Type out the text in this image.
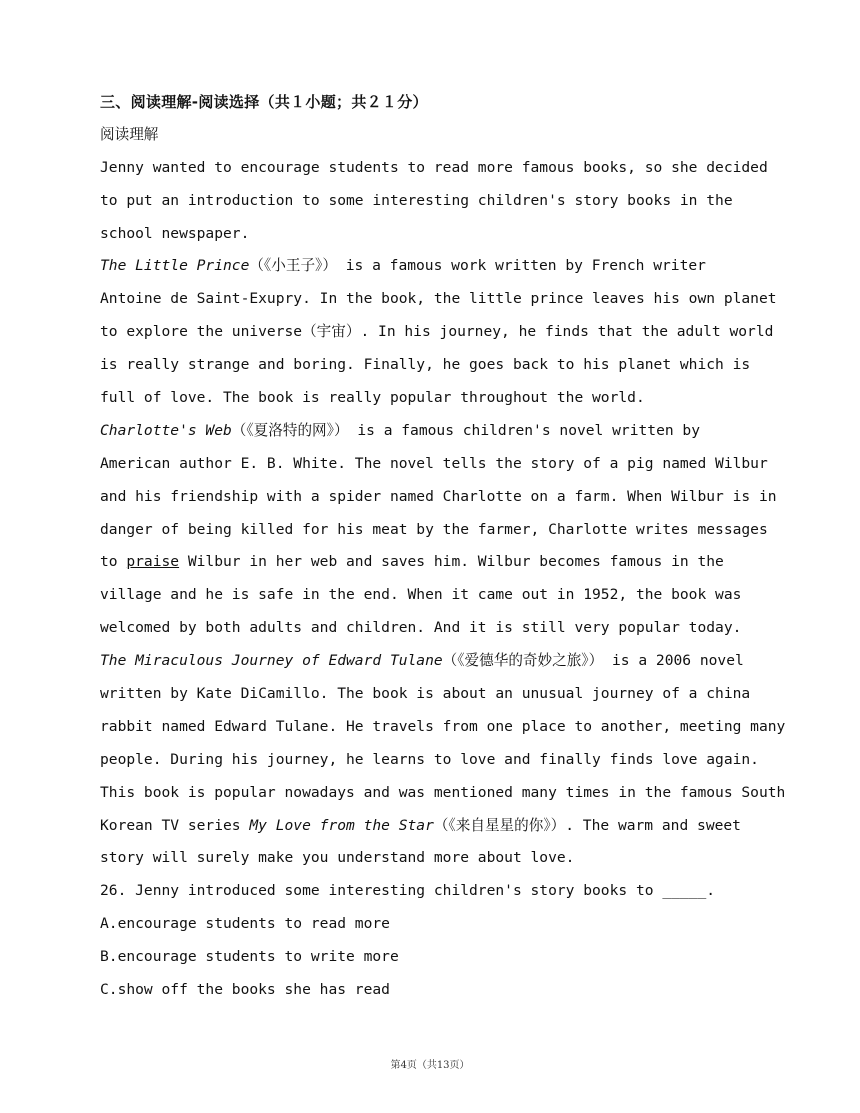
三、阅读理解-阅读选择（共１小题；共２１分）
阅读理解
Jenny wanted to encourage students to read more famous books, so she decided
to put an introduction to some interesting children's story books in the
school newspaper.
The Little Prince（《小王子》） is a famous work written by French writer
Antoine de Saint-Exupry. In the book, the little prince leaves his own planet
to explore the universe（宇宙）. In his journey, he finds that the adult world
is really strange and boring. Finally, he goes back to his planet which is
full of love. The book is really popular throughout the world.
Charlotte's Web（《夏洛特的网》） is a famous children's novel written by
American author E. B. White. The novel tells the story of a pig named Wilbur
and his friendship with a spider named Charlotte on a farm. When Wilbur is in
danger of being killed for his meat by the farmer, Charlotte writes messages
to praise Wilbur in her web and saves him. Wilbur becomes famous in the
village and he is safe in the end. When it came out in 1952, the book was
welcomed by both adults and children. And it is still very popular today.
The Miraculous Journey of Edward Tulane（《爱德华的奇妙之旅》） is a 2006 novel
written by Kate DiCamillo. The book is about an unusual journey of a china
rabbit named Edward Tulane. He travels from one place to another, meeting many
people. During his journey, he learns to love and finally finds love again.
This book is popular nowadays and was mentioned many times in the famous South
Korean TV series My Love from the Star（《来自星星的你》）. The warm and sweet
story will surely make you understand more about love.
26. Jenny introduced some interesting children's story books to _____.
A.encourage students to read more
B.encourage students to write more
C.show off the books she has read
第4页（共13页）
